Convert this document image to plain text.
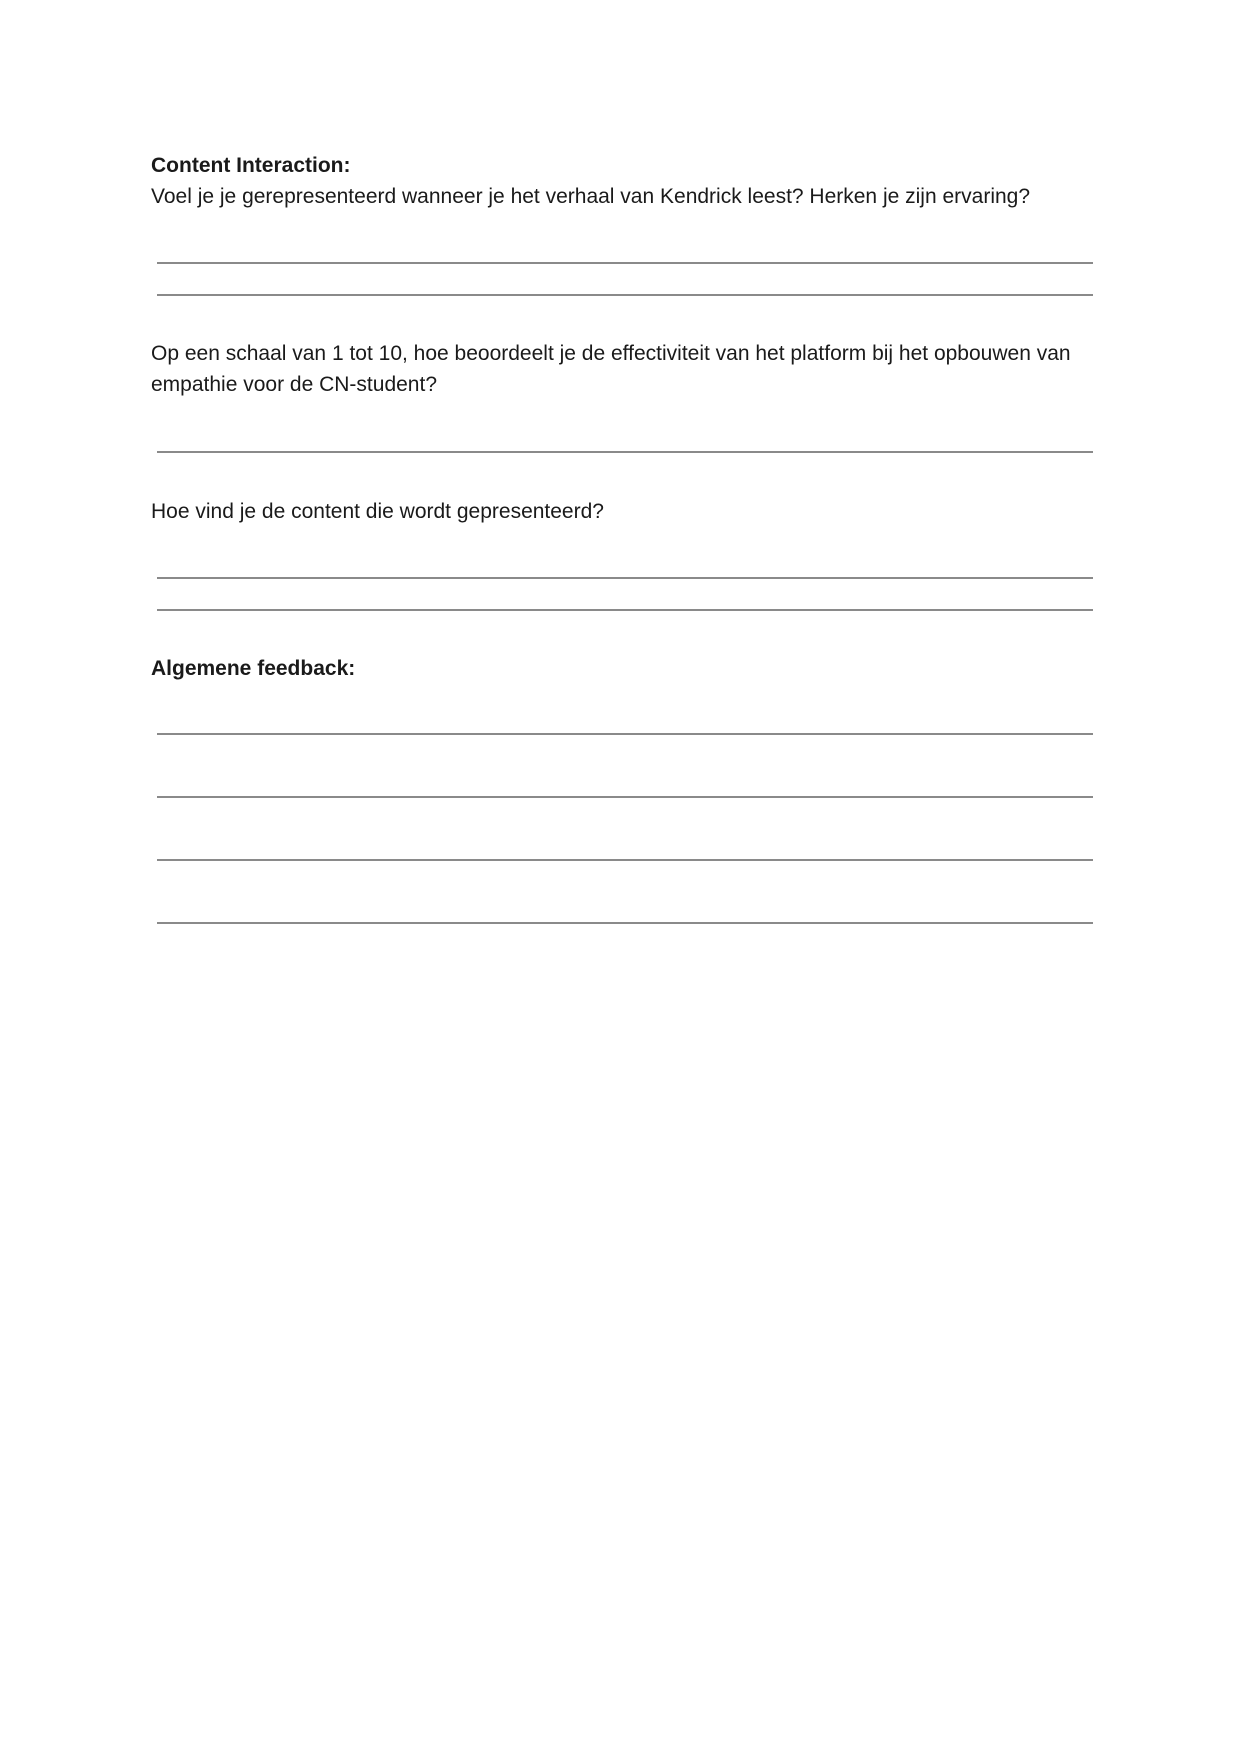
Content Interaction:

Voel je je gerepresenteerd wanneer je het verhaal van Kendrick leest? Herken je zijn ervaring?

Op een schaal van 1 tot 10, hoe beoordeelt je de effectiviteit van het platform bij het opbouwen van empathie voor de CN-student?

Hoe vind je de content die wordt gepresenteerd?

Algemene feedback:
